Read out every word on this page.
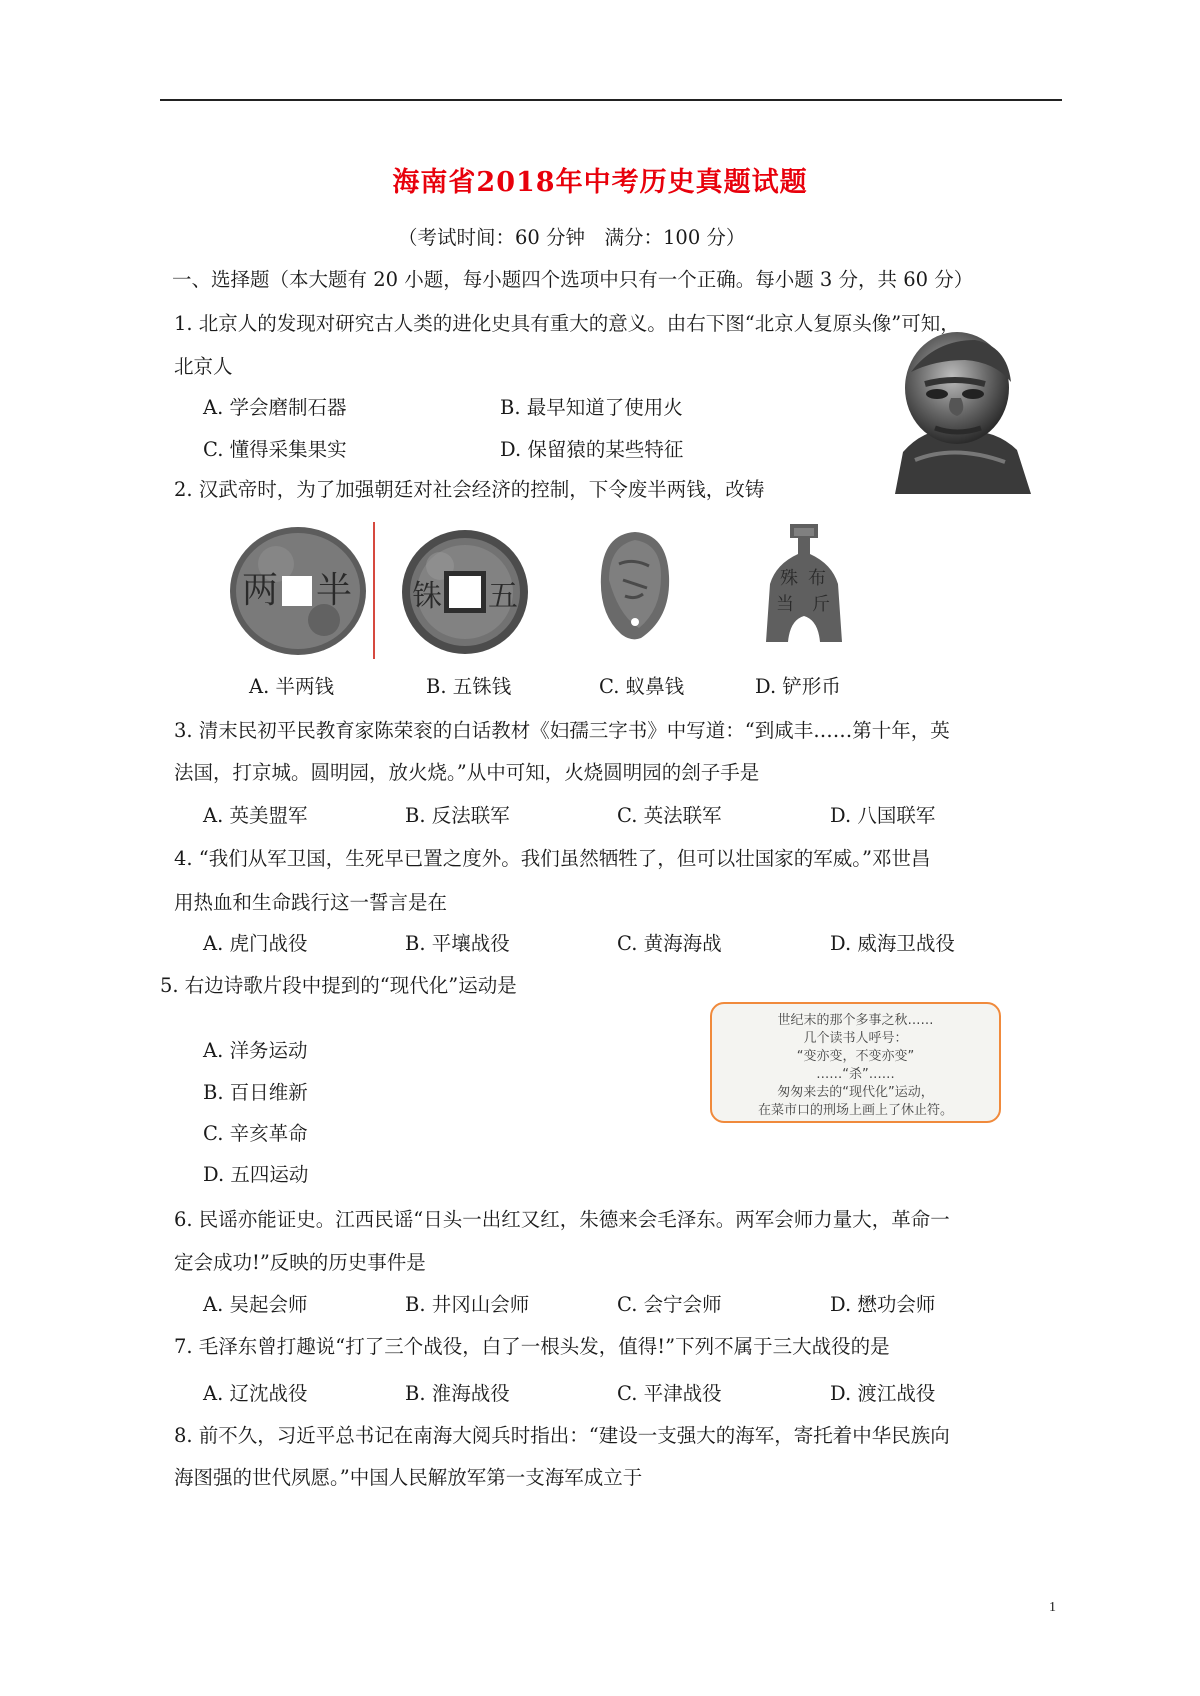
海南省2018年中考历史真题试题
（考试时间：60 分钟　满分：100 分）
一、选择题（本大题有 20 小题，每小题四个选项中只有一个正确。每小题 3 分，共 60 分）
1. 北京人的发现对研究古人类的进化史具有重大的意义。由右下图“北京人复原头像”可知，
北京人
A. 学会磨制石器	B. 最早知道了使用火
C. 懂得采集果实	D. 保留猿的某些特征
2. 汉武帝时，为了加强朝廷对社会经济的控制，下令废半两钱，改铸
两 半 铢 五
殊 布
当 斤
A. 半两钱	B. 五铢钱	C. 蚁鼻钱	D. 铲形币
3. 清末民初平民教育家陈荣衮的白话教材《妇孺三字书》中写道：“到咸丰……第十年，英
法国，打京城。圆明园，放火烧。”从中可知，火烧圆明园的刽子手是
A. 英美盟军	B. 反法联军	C. 英法联军	D. 八国联军
4. “我们从军卫国，生死早已置之度外。我们虽然牺牲了，但可以壮国家的军威。”邓世昌
用热血和生命践行这一誓言是在
A. 虎门战役	B. 平壤战役	C. 黄海海战	D. 威海卫战役
5. 右边诗歌片段中提到的“现代化”运动是
A. 洋务运动
B. 百日维新
C. 辛亥革命
D. 五四运动
世纪末的那个多事之秋……
几个读书人呼号：
“变亦变，不变亦变”
……“杀”……
匆匆来去的“现代化”运动，
在菜市口的刑场上画上了休止符。
6. 民谣亦能证史。江西民谣“日头一出红又红，朱德来会毛泽东。两军会师力量大，革命一
定会成功!”反映的历史事件是
A. 吴起会师	B. 井冈山会师	C. 会宁会师	D. 懋功会师
7. 毛泽东曾打趣说“打了三个战役，白了一根头发，值得!”下列不属于三大战役的是
A. 辽沈战役	B. 淮海战役	C. 平津战役	D. 渡江战役
8. 前不久，习近平总书记在南海大阅兵时指出：“建设一支强大的海军，寄托着中华民族向
海图强的世代夙愿。”中国人民解放军第一支海军成立于
1
